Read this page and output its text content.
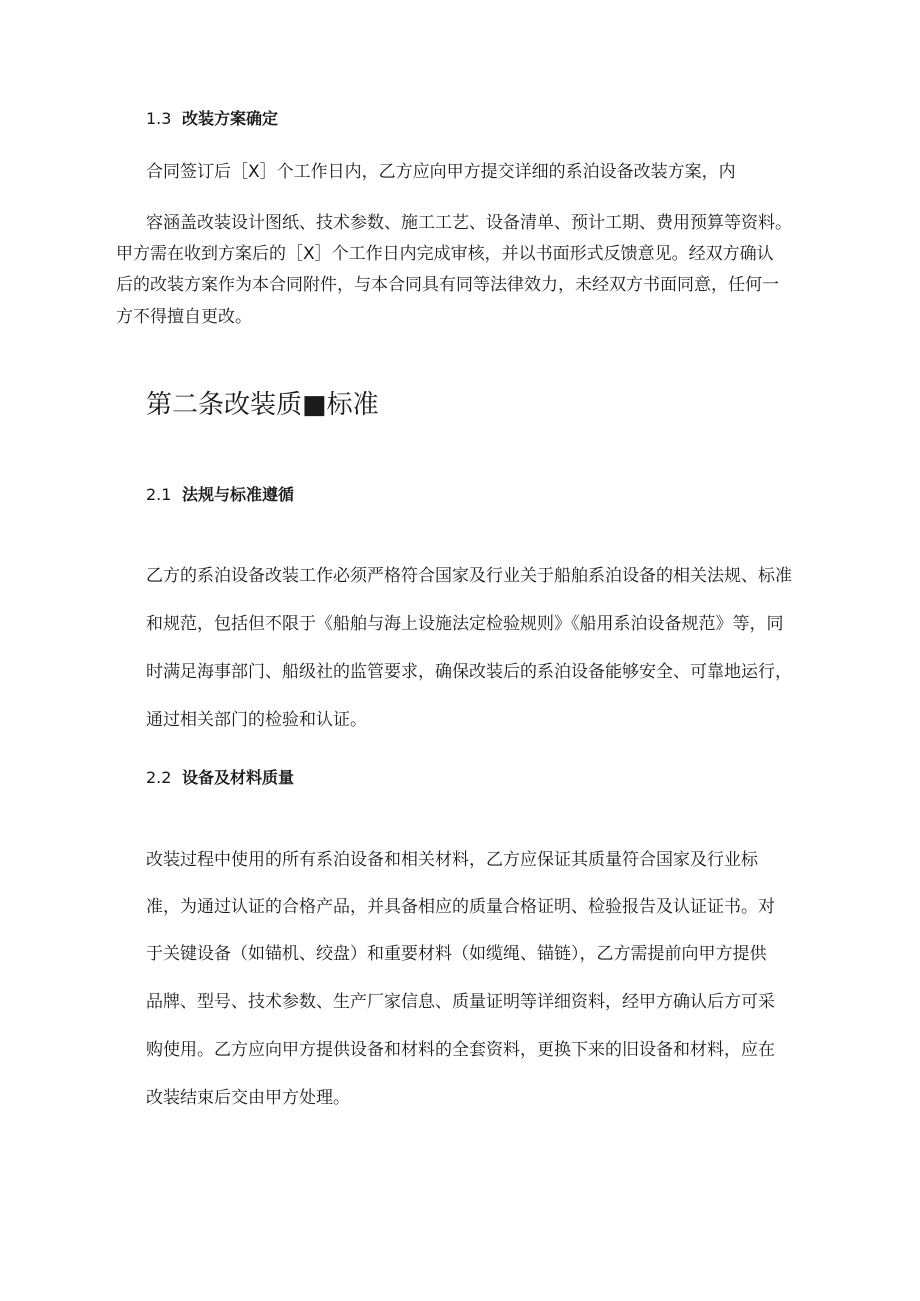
1.3 改装方案确定
合同签订后［X］个工作日内，乙方应向甲方提交详细的系泊设备改装方案，内
容涵盖改装设计图纸、技术参数、施工工艺、设备清单、预计工期、费用预算等资料。
甲方需在收到方案后的［X］个工作日内完成审核，并以书面形式反馈意见。经双方确认
后的改装方案作为本合同附件，与本合同具有同等法律效力，未经双方书面同意，任何一
方不得擅自更改。
第二条改装质■标准
2.1 法规与标准遵循
乙方的系泊设备改装工作必须严格符合国家及行业关于船舶系泊设备的相关法规、标准
和规范，包括但不限于《船舶与海上设施法定检验规则》《船用系泊设备规范》等，同
时满足海事部门、船级社的监管要求，确保改装后的系泊设备能够安全、可靠地运行，
通过相关部门的检验和认证。
2.2 设备及材料质量
改装过程中使用的所有系泊设备和相关材料，乙方应保证其质量符合国家及行业标
准，为通过认证的合格产品，并具备相应的质量合格证明、检验报告及认证证书。对
于关键设备（如锚机、绞盘）和重要材料（如缆绳、锚链），乙方需提前向甲方提供
品牌、型号、技术参数、生产厂家信息、质量证明等详细资料，经甲方确认后方可采
购使用。乙方应向甲方提供设备和材料的全套资料，更换下来的旧设备和材料，应在
改装结束后交由甲方处理。
